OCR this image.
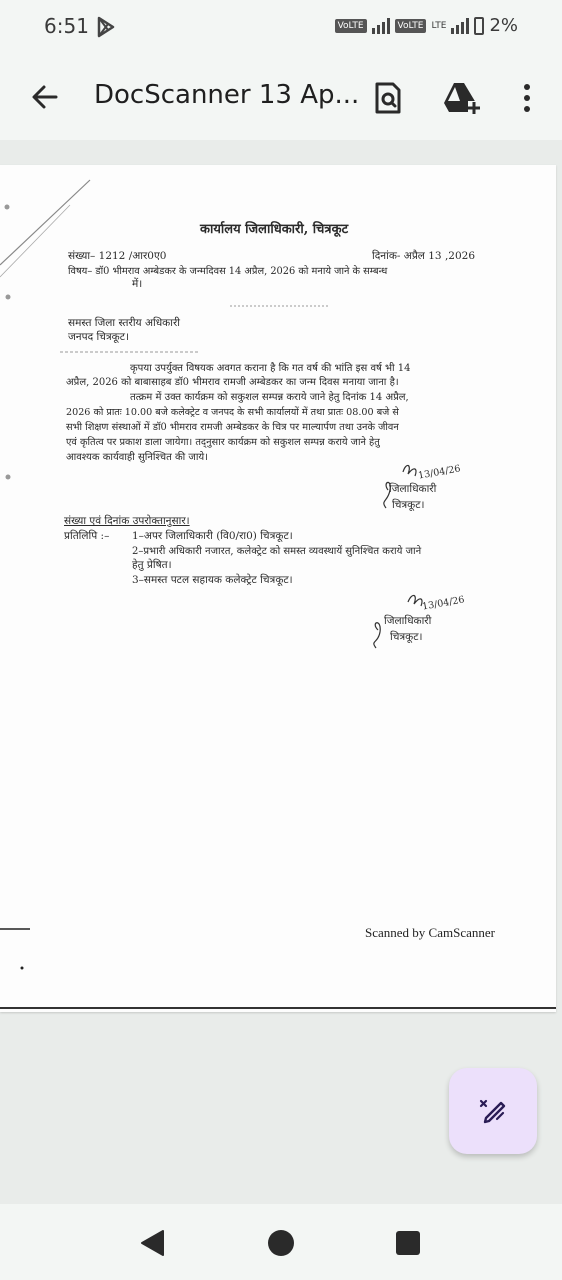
6:51	VoLTE	VoLTE LTE 2%
DocScanner 13 Ap...
कार्यालय जिलाधिकारी, चित्रकूट
संख्या– 1212 /आर0ए0	दिनांक- अप्रैल 13 ,2026
विषय– डॉ0 भीमराव अम्बेडकर के जन्मदिवस 14 अप्रैल, 2026 को मनाये जाने के सम्बन्ध
में।
समस्त जिला स्तरीय अधिकारी
जनपद चित्रकूट।
कृपया उपर्युक्त विषयक अवगत कराना है कि गत वर्ष की भांति इस वर्ष भी 14
अप्रैल, 2026 को बाबासाहब डॉ0 भीमराव रामजी अम्बेडकर का जन्म दिवस मनाया जाना है।
तत्क्रम में उक्त कार्यक्रम को सकुशल सम्पन्न कराये जाने हेतु दिनांक 14 अप्रैल,
2026 को प्रातः 10.00 बजे कलेक्ट्रेट व जनपद के सभी कार्यालयों में तथा प्रातः 08.00 बजे से
सभी शिक्षण संस्थाओं में डॉ0 भीमराव रामजी अम्बेडकर के चित्र पर माल्यार्पण तथा उनके जीवन
एवं कृतित्व पर प्रकाश डाला जायेगा। तद्नुसार कार्यक्रम को सकुशल सम्पन्न कराये जाने हेतु
आवश्यक कार्यवाही सुनिश्चित की जाये।
13/04/26
जिलाधिकारी
चित्रकूट।
संख्या एवं दिनांक उपरोक्तानुसार।
प्रतिलिपि :– 1–अपर जिलाधिकारी (वि0/रा0) चित्रकूट।
2–प्रभारी अधिकारी नजारत, कलेक्ट्रेट को समस्त व्यवस्थायें सुनिश्चित कराये जाने
हेतु प्रेषित।
3–समस्त पटल सहायक कलेक्ट्रेट चित्रकूट।
13/04/26
जिलाधिकारी
चित्रकूट।
Scanned by CamScanner
